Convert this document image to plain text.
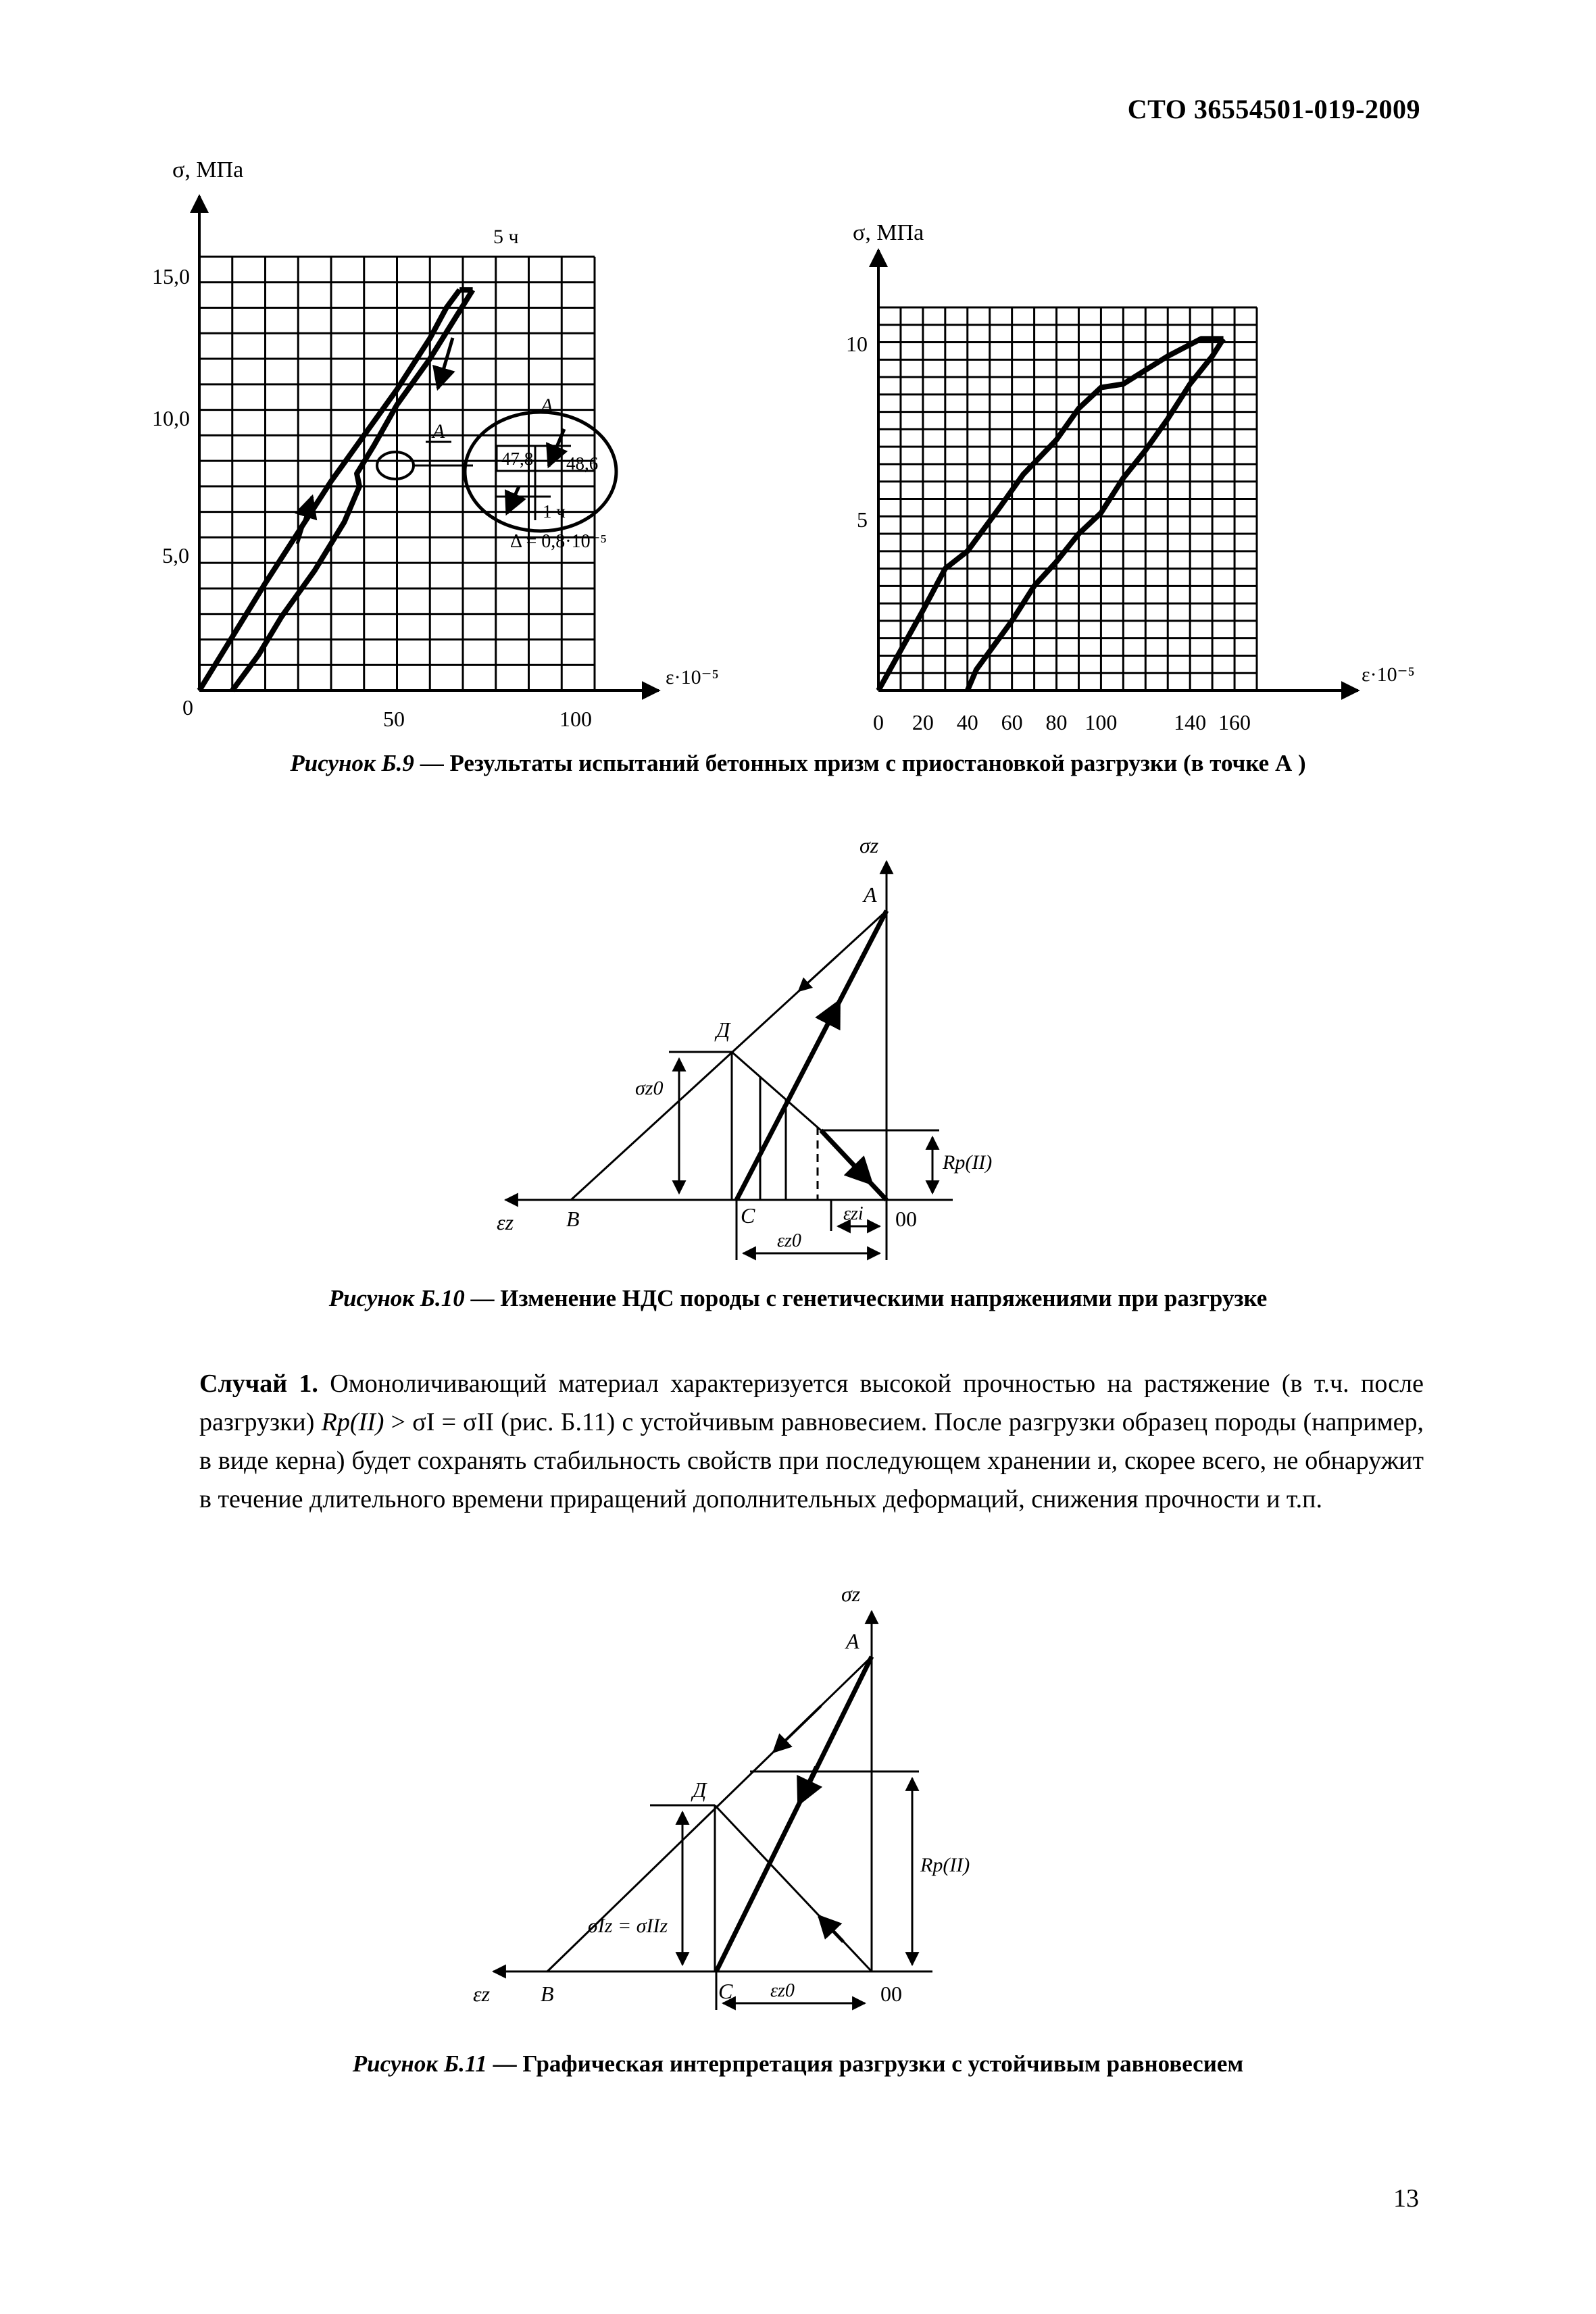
СТО 36554501-019-2009
σ, МПа
ε·10⁻⁵
15,0
10,0
5,0
0	50	100
5 ч
А
А
47,8 48,6
1 ч
Δ = 0,8·10⁻⁵
σ, МПа
ε·10⁻⁵
10
5
0 20 40 60 80 100	140 160
Рисунок Б.9 — Результаты испытаний бетонных призм с приостановкой разгрузки (в точке А )
σz
А
εz В	С	00
Д
σz0
Rp(II)
εzi
εz0
Рисунок Б.10 — Изменение НДС породы с генетическими напряжениями при разгрузке
Случай 1. Омоноличивающий материал характеризуется высокой прочностью на растяжение (в т.ч. после разгрузки) Rp(II) > σI = σII (рис. Б.11) с устойчивым равновесием. После разгрузки образец породы (например, в виде керна) будет сохранять стабильность свойств при последующем хранении и, скорее всего, не обнаружит в течение длительного времени приращений дополнительных деформаций, снижения прочности и т.п.
σz
А
εz В	С	00
Д
σIz = σIIz
Rp(II)
εz0
Рисунок Б.11 — Графическая интерпретация разгрузки с устойчивым равновесием
13
